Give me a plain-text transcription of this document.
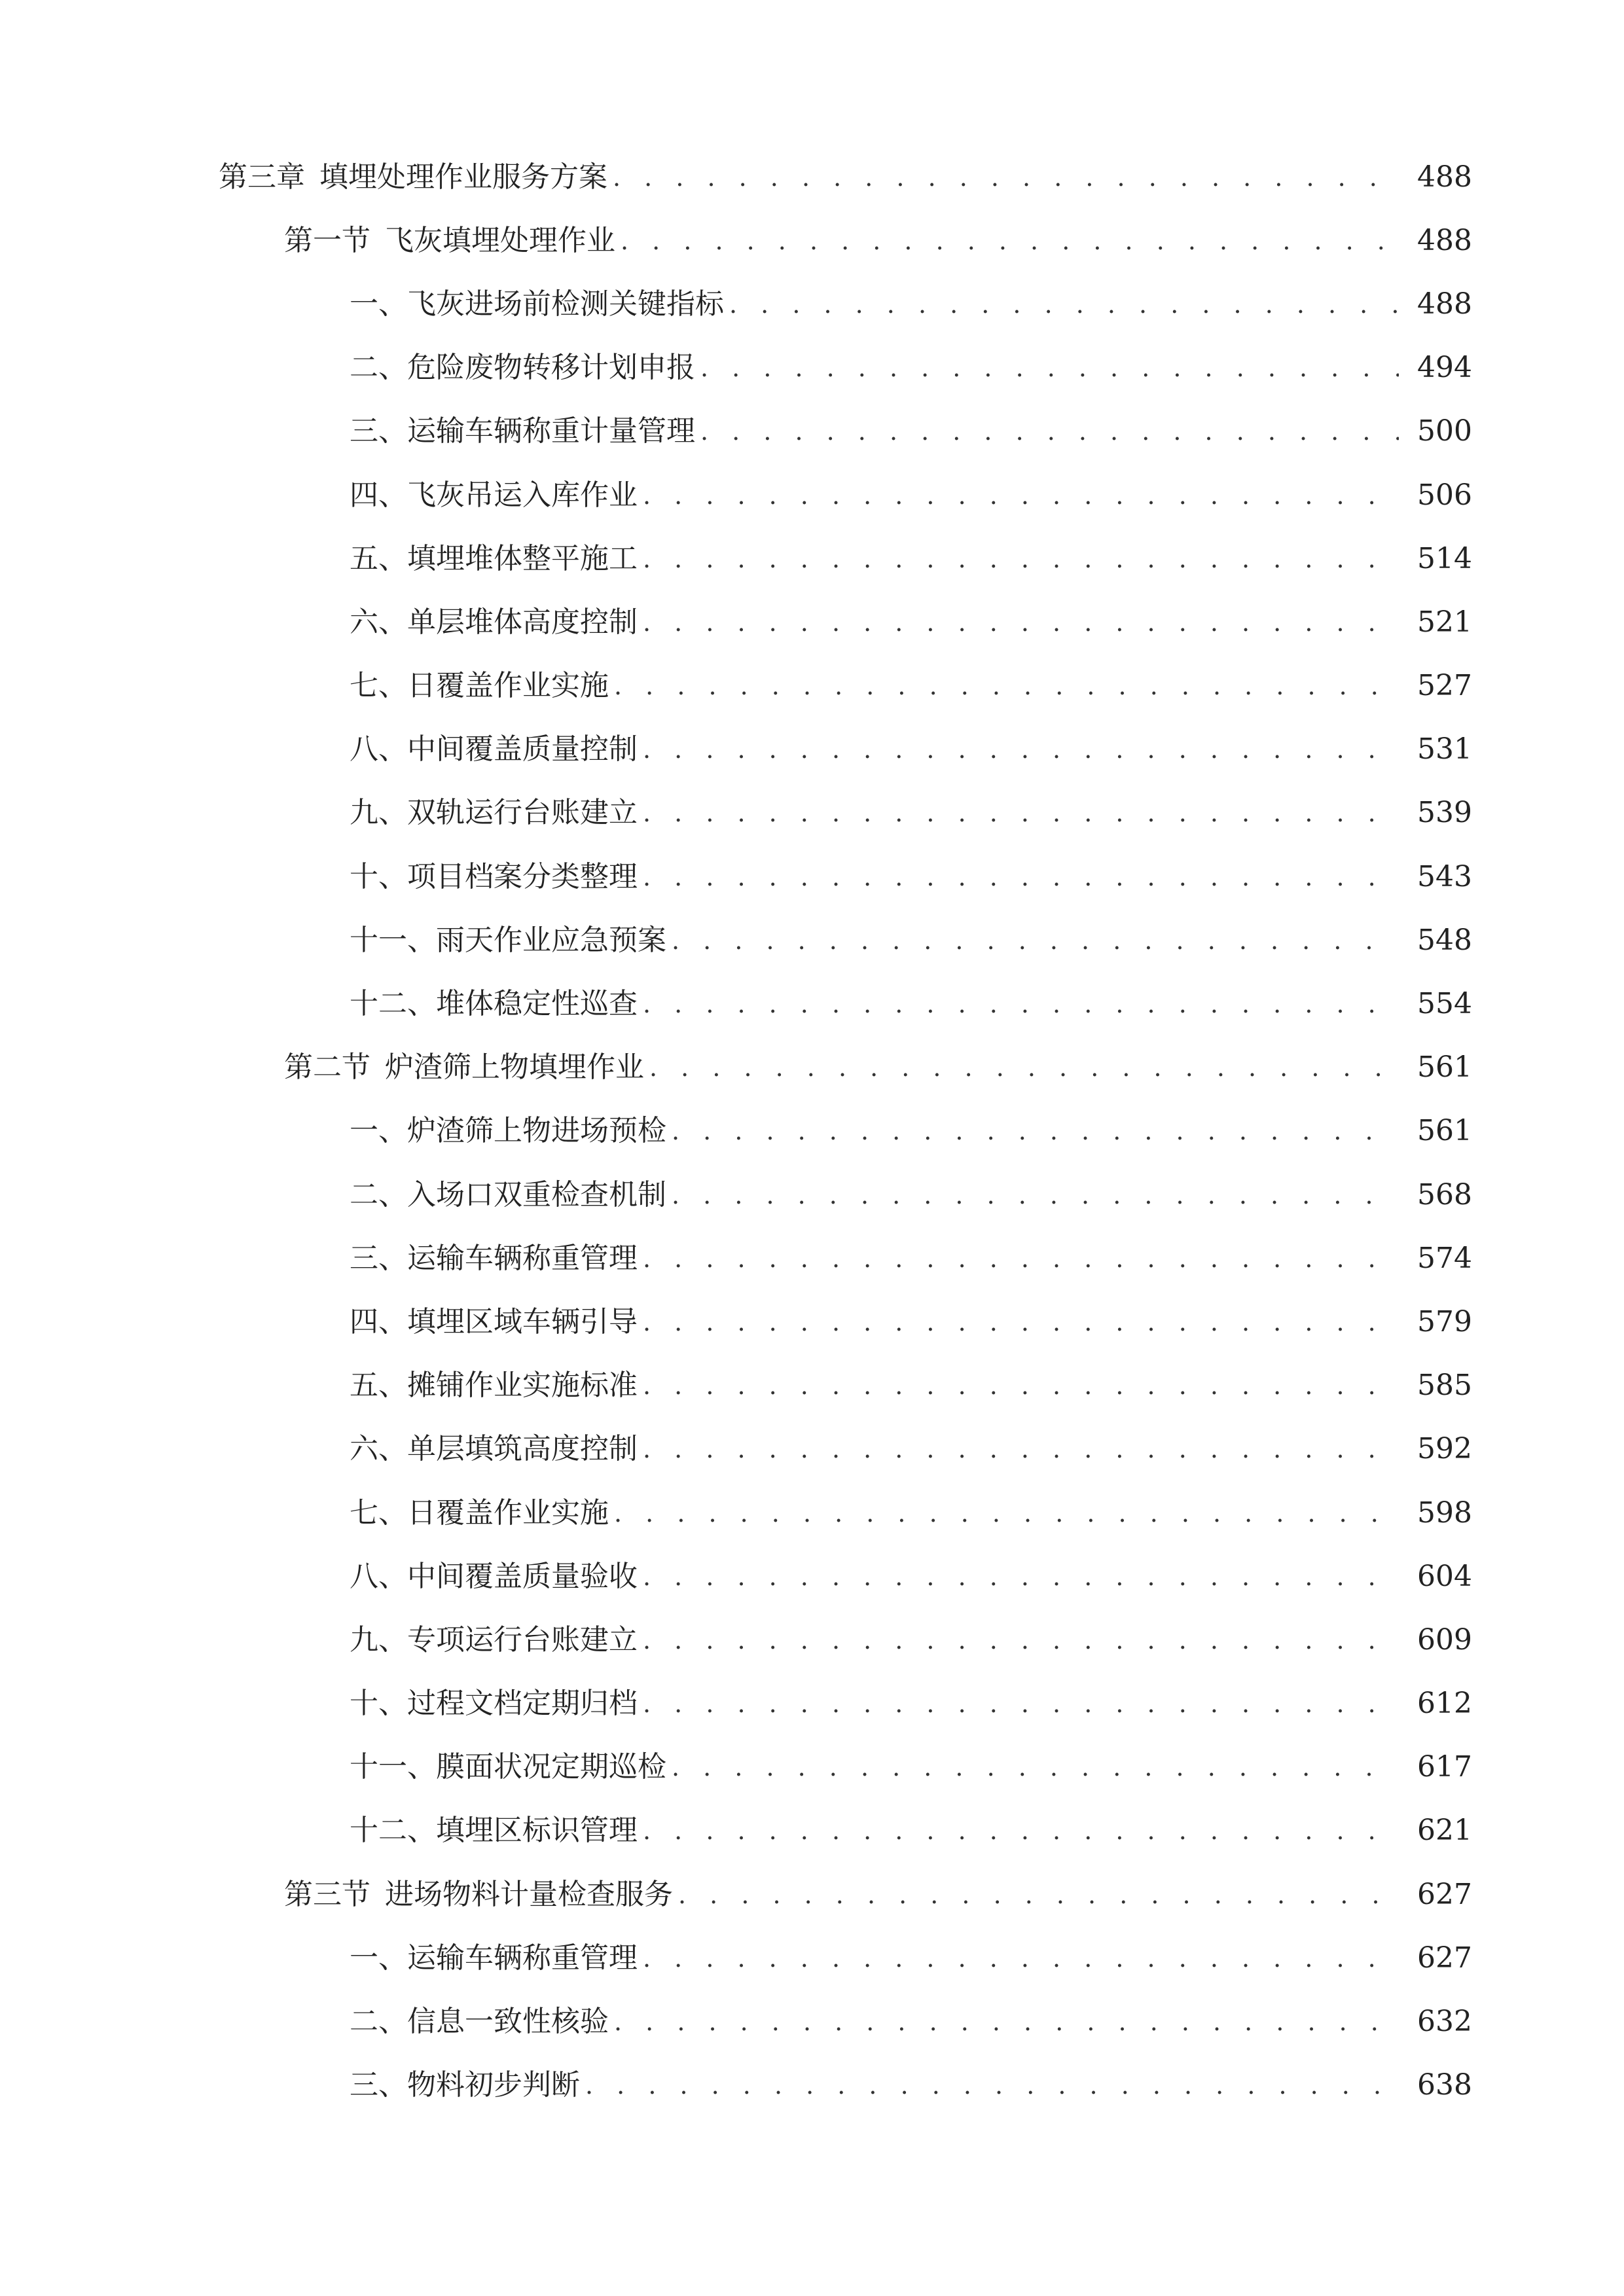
第三章 填埋处理作业服务方案 . . .	488
第一节 飞灰填埋处理作业 . . .	488
一、 飞灰进场前检测关键指标 . . .	488
二、 危险废物转移计划申报 . . .	494
三、 运输车辆称重计量管理 . . .	500
四、 飞灰吊运入库作业 . . .	506
五、 填埋堆体整平施工 . . .	514
六、 单层堆体高度控制 . . .	521
七、 日覆盖作业实施 . . .	527
八、 中间覆盖质量控制 . . .	531
九、 双轨运行台账建立 . . .	539
十、 项目档案分类整理 . . .	543
十一、 雨天作业应急预案 . . .	548
十二、 堆体稳定性巡查 . . .	554
第二节 炉渣筛上物填埋作业 . . .	561
一、 炉渣筛上物进场预检 . . .	561
二、 入场口双重检查机制 . . .	568
三、 运输车辆称重管理 . . .	574
四、 填埋区域车辆引导 . . .	579
五、 摊铺作业实施标准 . . .	585
六、 单层填筑高度控制 . . .	592
七、 日覆盖作业实施 . . .	598
八、 中间覆盖质量验收 . . .	604
九、 专项运行台账建立 . . .	609
十、 过程文档定期归档 . . .	612
十一、 膜面状况定期巡检 . . .	617
十二、 填埋区标识管理 . . .	621
第三节 进场物料计量检查服务 . . .	627
一、 运输车辆称重管理 . . .	627
二、 信息一致性核验 . . .	632
三、 物料初步判断 . . .	638
